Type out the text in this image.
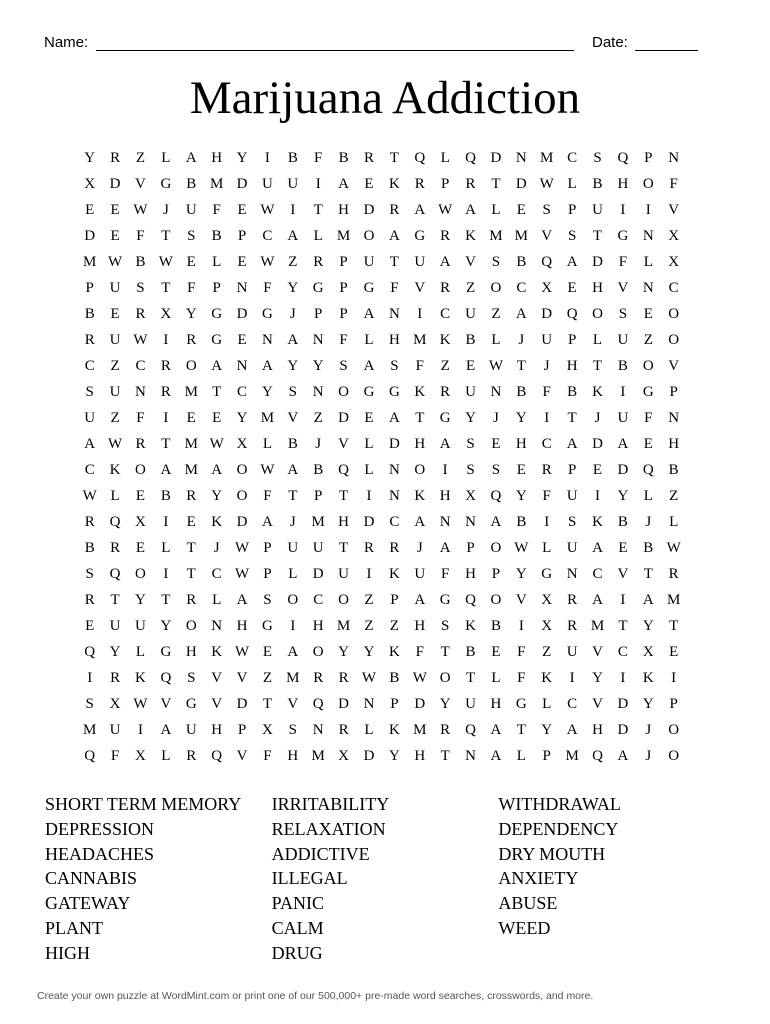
Name:	Date:
Marijuana Addiction
Y R	Z	L	A H Y	I	B	F	B	R	T	Q	L	Q D N M C	S	Q	P	N
X D V G B M D U U	I	A	E	K R	P	R	T	D W L	B H O	F
E	E W	J	U	F	E W	I	T	H D R A W A	L	E	S	P	U	I	I	V
D	E	F	T	S	B	P	C A	L M O A G R K M M V	S	T	G N X
M W B W E	L	E W Z	R	P	U	T	U A V	S	B Q A D	F	L	X
P	U	S	T	F	P	N	F	Y G	P	G	F	V R	Z	O C X	E	H V N C
B	E	R X Y G D G	J	P	P	A N	I	C U	Z	A D Q O	S	E	O
R U W	I	R G	E	N A N	F	L	H M K B	L	J	U	P	L	U	Z	O
C	Z	C	R O A N A Y Y	S	A	S	F	Z	E W T	J	H	T	B O V
S	U N R M T	C Y	S	N O G G K R U N B	F	B K	I	G	P
U	Z	F	I	E	E	Y M V	Z	D	E	A	T	G Y	J	Y	I	T	J	U	F	N
A W R	T M W X	L	B	J	V	L	D H A	S	E	H C A D A	E	H
C K O A M A O W A B Q	L	N O	I	S	S	E	R	P	E	D Q B
W L	E	B	R Y O	F	T	P	T	I	N K H X Q Y	F	U	I	Y	L	Z
R Q X	I	E	K D A	J	M H D C A N N A B	I	S	K B	J	L
B	R	E	L	T	J	W P	U U	T	R	R	J	A	P	O W L	U A	E	B W
S	Q O	I	T	C W P	L	D U	I	K U	F	H	P	Y G N C V	T	R
R	T	Y	T	R	L	A	S	O C O	Z	P	A G Q O V X R A	I	A M
E	U U Y O N H G	I	H M Z	Z	H	S	K B	I	X R M T	Y	T
Q Y	L	G H K W E	A O Y Y K	F	T	B	E	F	Z	U V C X	E
I	R K Q	S	V V	Z M R	R W B W O	T	L	F	K	I	Y	I	K	I
S	X W V G V D	T	V Q D N	P	D Y U H G	L	C V D Y	P
M U	I	A U H	P	X	S	N R	L	K M R Q A	T	Y A H D	J	O
Q	F	X	L	R Q V	F	H M X D Y H	T	N A	L	P M Q A	J	O
SHORT TERM MEMORY
DEPRESSION
HEADACHES
CANNABIS
GATEWAY
PLANT
HIGH
IRRITABILITY
RELAXATION
ADDICTIVE
ILLEGAL
PANIC
CALM
DRUG
WITHDRAWAL
DEPENDENCY
DRY MOUTH
ANXIETY
ABUSE
WEED
Create your own puzzle at WordMint.com or print one of our 500,000+ pre-made word searches, crosswords, and more.
